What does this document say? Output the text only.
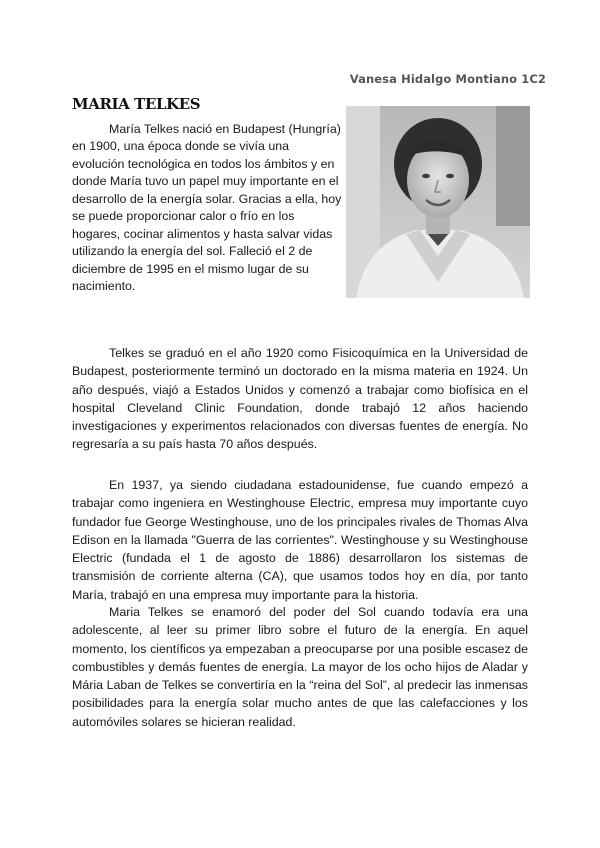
Vanesa Hidalgo Montiano 1C2
MARIA TELKES

María Telkes nació en Budapest (Hungría) en 1900, una época donde se vivía una evolución tecnológica en todos los ámbitos y en donde María tuvo un papel muy importante en el desarrollo de la energía solar. Gracias a ella, hoy se puede proporcionar calor o frío en los hogares, cocinar alimentos y hasta salvar vidas utilizando la energía del sol. Falleció el 2 de diciembre de 1995 en el mismo lugar de su nacimiento.

Telkes se graduó en el año 1920 como Fisicoquímica en la Universidad de Budapest, posteriormente terminó un doctorado en la misma materia en 1924. Un año después, viajó a Estados Unidos y comenzó a trabajar como biofísica en el hospital Cleveland Clinic Foundation, donde trabajó 12 años haciendo investigaciones y experimentos relacionados con diversas fuentes de energía. No regresaría a su país hasta 70 años después.

En 1937, ya siendo ciudadana estadounidense, fue cuando empezó a trabajar como ingeniera en Westinghouse Electric, empresa muy importante cuyo fundador fue George Westinghouse, uno de los principales rivales de Thomas Alva Edison en la llamada "Guerra de las corrientes". Westinghouse y su Westinghouse Electric (fundada el 1 de agosto de 1886) desarrollaron los sistemas de transmisión de corriente alterna (CA), que usamos todos hoy en día, por tanto María, trabajó en una empresa muy importante para la historia.

Maria Telkes se enamoró del poder del Sol cuando todavía era una adolescente, al leer su primer libro sobre el futuro de la energía. En aquel momento, los científicos ya empezaban a preocuparse por una posible escasez de combustibles y demás fuentes de energía. La mayor de los ocho hijos de Aladar y Mária Laban de Telkes se convertiría en la “reina del Sol”, al predecir las inmensas posibilidades para la energía solar mucho antes de que las calefacciones y los automóviles solares se hicieran realidad.
